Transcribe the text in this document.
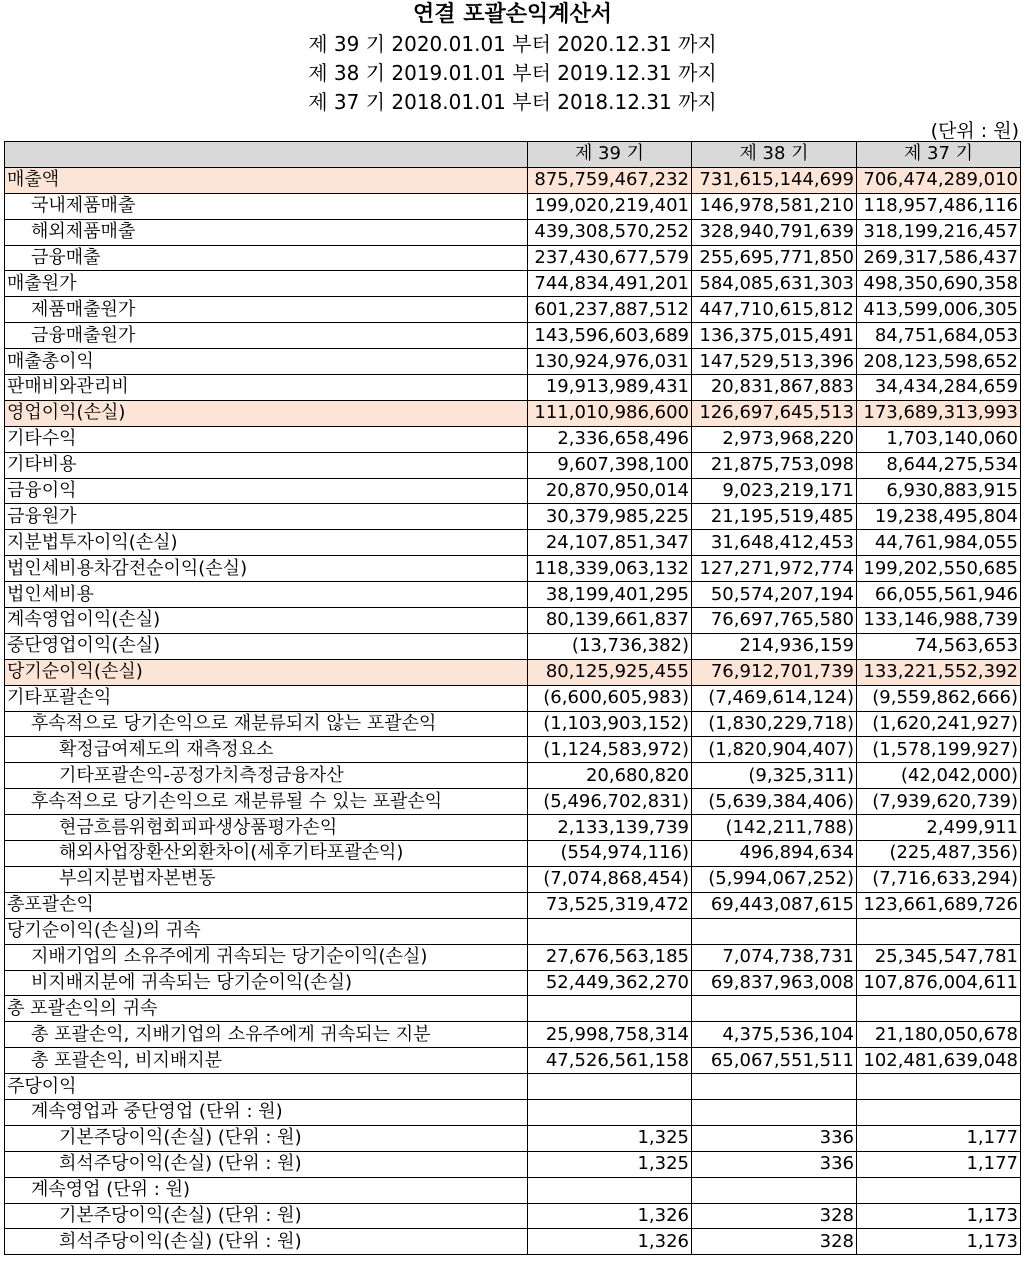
연결 포괄손익계산서
제 39 기 2020.01.01 부터 2020.12.31 까지
제 38 기 2019.01.01 부터 2019.12.31 까지
제 37 기 2018.01.01 부터 2018.12.31 까지
(단위 : 원)
	제 39 기	제 38 기	제 37 기
매출액	875,759,467,232	731,615,144,699	706,474,289,010
국내제품매출	199,020,219,401	146,978,581,210	118,957,486,116
해외제품매출	439,308,570,252	328,940,791,639	318,199,216,457
금융매출	237,430,677,579	255,695,771,850	269,317,586,437
매출원가	744,834,491,201	584,085,631,303	498,350,690,358
제품매출원가	601,237,887,512	447,710,615,812	413,599,006,305
금융매출원가	143,596,603,689	136,375,015,491	84,751,684,053
매출총이익	130,924,976,031	147,529,513,396	208,123,598,652
판매비와관리비	19,913,989,431	20,831,867,883	34,434,284,659
영업이익(손실)	111,010,986,600	126,697,645,513	173,689,313,993
기타수익	2,336,658,496	2,973,968,220	1,703,140,060
기타비용	9,607,398,100	21,875,753,098	8,644,275,534
금융이익	20,870,950,014	9,023,219,171	6,930,883,915
금융원가	30,379,985,225	21,195,519,485	19,238,495,804
지분법투자이익(손실)	24,107,851,347	31,648,412,453	44,761,984,055
법인세비용차감전순이익(손실)	118,339,063,132	127,271,972,774	199,202,550,685
법인세비용	38,199,401,295	50,574,207,194	66,055,561,946
계속영업이익(손실)	80,139,661,837	76,697,765,580	133,146,988,739
중단영업이익(손실)	(13,736,382)	214,936,159	74,563,653
당기순이익(손실)	80,125,925,455	76,912,701,739	133,221,552,392
기타포괄손익	(6,600,605,983)	(7,469,614,124)	(9,559,862,666)
후속적으로 당기손익으로 재분류되지 않는 포괄손익	(1,103,903,152)	(1,830,229,718)	(1,620,241,927)
확정급여제도의 재측정요소	(1,124,583,972)	(1,820,904,407)	(1,578,199,927)
기타포괄손익-공정가치측정금융자산	20,680,820	(9,325,311)	(42,042,000)
후속적으로 당기손익으로 재분류될 수 있는 포괄손익	(5,496,702,831)	(5,639,384,406)	(7,939,620,739)
현금흐름위험회피파생상품평가손익	2,133,139,739	(142,211,788)	2,499,911
해외사업장환산외환차이(세후기타포괄손익)	(554,974,116)	496,894,634	(225,487,356)
부의지분법자본변동	(7,074,868,454)	(5,994,067,252)	(7,716,633,294)
총포괄손익	73,525,319,472	69,443,087,615	123,661,689,726
당기순이익(손실)의 귀속			
지배기업의 소유주에게 귀속되는 당기순이익(손실)	27,676,563,185	7,074,738,731	25,345,547,781
비지배지분에 귀속되는 당기순이익(손실)	52,449,362,270	69,837,963,008	107,876,004,611
총 포괄손익의 귀속			
총 포괄손익, 지배기업의 소유주에게 귀속되는 지분	25,998,758,314	4,375,536,104	21,180,050,678
총 포괄손익, 비지배지분	47,526,561,158	65,067,551,511	102,481,639,048
주당이익			
계속영업과 중단영업 (단위 : 원)			
기본주당이익(손실) (단위 : 원)	1,325	336	1,177
희석주당이익(손실) (단위 : 원)	1,325	336	1,177
계속영업 (단위 : 원)			
기본주당이익(손실) (단위 : 원)	1,326	328	1,173
희석주당이익(손실) (단위 : 원)	1,326	328	1,173
